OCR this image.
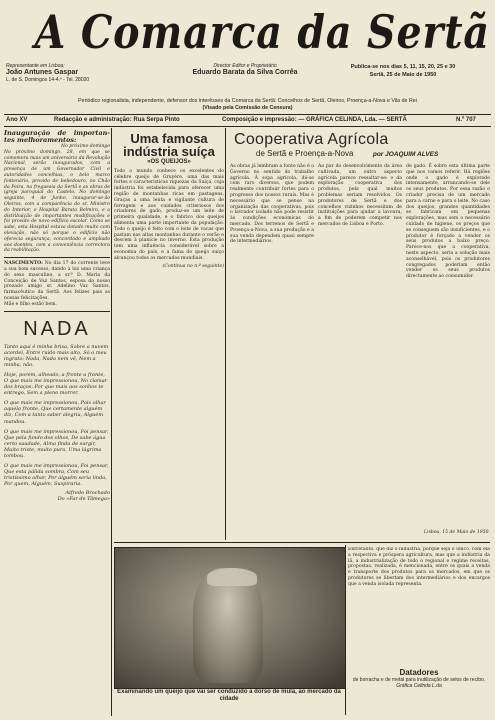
A Comarca da Sertã
Representante em Lisboa:
João Antunes Gaspar
L. de S. Domingos 14-4.º - Tel. 28020
Director Editor e Proprietário
Eduardo Barata da Silva Corrêa
Publica-se nos dias 5, 11, 15, 20, 25 e 30
Sertã, 25 de Maio de 1950
Periódico regionalista, independente, defensor dos interêsses da Comarca da Sertã: Concelhos de Sertã, Oleiros, Proença-a-Nova e Vila de Rei
(Visado pela Comissão de Censura)
Ano XV	Redacção e administração: Rua Serpa Pinto	Composição e impressão: — GRÁFICA CELINDA, Lda. — SERTÃ	N.º 707
Inauguração de importan-tes melhoramentos:
No próximo domingo
No próximo domingo, 28, em que se comemora mais um aniversário da Revolução Nacional, serão inaugurados, com a presença de um Governador Civil e autoridades concelhias, o belo marco fontenário, provido de bebedouro, no Chão da Feira, na freguesia da Sertã e as obras de igreja paroquial do Castelo. No domingo seguinte, 4 de Junho, inaugurar-se-ão Oleiros, com a comparência do sr. Ministro do Interior, o Hospital Barata Belmiro, e a distribuição de importantes modificações e foi provido de novo edifício escolar. Como se sabe, esta Hospital estava dotado muito com elevação, não só porque o edifício não oferecia segurança, concordado e ampliado aos doentes, com a conveniência correctora da reabilitação.
NASCIMENTO: No dia 17 do corrente teve a sua bom sucesso, dando à luz uma criança do sexo masculino, a sr.ª D. Maria da Conceição de Vaz Santos, esposa do nosso prezado amigo sr. Adelino Vaz Santos, farmacêutico da Sertã. Aos felizes pais as nossas felicitações.
Mãe e filho estão bem.
NADA

Tanto aqui é minha brisa, Sobre a nuvem acordei, Entre ruído mais alto, Só o meu ingrato: Nada, Nada nem vê, Nem a minha, não.

Hoje, porém, alheado, a fronte a fronte, O que mais me impressionou, No clamar dos braços, Por que mais aos sonhos te entrego, Sem a pleno morrer.

O que mais me impressionou, Pois olhar aquela fronte, Que certamente alguém diz, Com a tanto saber alegria, Alguém mandou.

O que mais me impressionou, Foi pensar, Que pela fundo dos olhos, De sabe água certo saudade, Alma finda de surgir, Muito triste, muito pura, Uma lágrima tombou.

O que mais me impressionou, Foi pensar, Que esta pálida sombra, Com seu tristíssimo olhar, Por alguém seria linda, Por quem, Alguém, Suspiraria.

Alfredo Brochado
Do «Far de Tâmega»
Uma famosa indústria suíça
«OS QUEIJOS»
Todo o mundo conhece os excelentes do célebre queijo de Gruyère, uma das mais fortes e características riquezas da Suíça, cuja indústria foi estabelecida para oferecer uma região de montanhas ricas em pastagens. Graças a uma lenta e vigilante cultura de forragem e aos cuidados criteriosos dos criadores de gado, produz-se um leite de primeira qualidade, e o fabrico dos queijos alimenta uma parte importante da população. Todo o queijo é feito com o leite de vacas que pastam nas altas montanhas durante o verão e descem à planície no inverno. Esta produção tem uma influência considerável sobre a economia do país, e a fama do queijo suíço alcançou todos os mercados mundiais.
(Continua no n.º seguinte)
Cooperativa Agrícola
de Sertã e Proença-a-Nova	por JOAQUIM ALVES
As obras já lembram a fonte não é o Governo no sentido do trabalho agrícola. Ã sopa agrícola, dá-se com raro diversos, que podem realmente contribuir fortes para o progresso dos nossos rurais. Mas é necessário que se pense na organização das cooperativas, pois o lavrador isolado não pode resistir às condições económicas do mercado. Dos terrenos de Sertã e Proença-a-Nova, a sua produção e a sua venda dependem quasi sempre de intermediários.
Ao par do desenvolvimento da área cultivada, um outro aspecto agrícola parece ressaltar-se: o da exploração cooperativa dos produtos, pela qual muitos problemas seriam resolvidos. Os produtores de Sertã e dos concelhos vizinhos necessitam de instituições para ajudar a lavoura, a fim de poderem competir nos mercados de Lisboa e Porto.
de gado. É sobre esta última parte que nos vamos referir. Há regiões onde o gado é explorado intensamente, arrancando-se dele os seus produtos. Por essa razão o criador precisa de um mercado para a carne e para o leite. No caso dos queijos, grandes quantidades se fabricam em pequenas explorações, mas sem o necessário cuidado de higiene, os preços que se conseguem são insuficientes, e o produtor é forçado a vender os seus produtos a baixo preço. Parece-nos que a cooperativa, neste aspecto, seria a solução mais aconselhável, pois os produtores congregados poderiam então vender os seus produtos directamente ao consumidor.
Lisboa, 15 de Maio de 1950.
Examinando um queijo que vai ser conduzido a dorso de mula, ao mercado da cidade
Entretanto, que diz o indústria, porque seja o único, com ela a respectiva e próspera agricultura, mas que a indústria da lã, a industrialização de todo o regional e regime receitas, propostas, realizada, é mencionada, entre os quais a venda e transporte dos produtos para os mercados, em que os produtores se libertam dos intermediários e dos encargos que a venda isolada representa.
Datadores
de borracha e de metal para inutilização de selos de recibo.
Gráfica Celinda L.da
